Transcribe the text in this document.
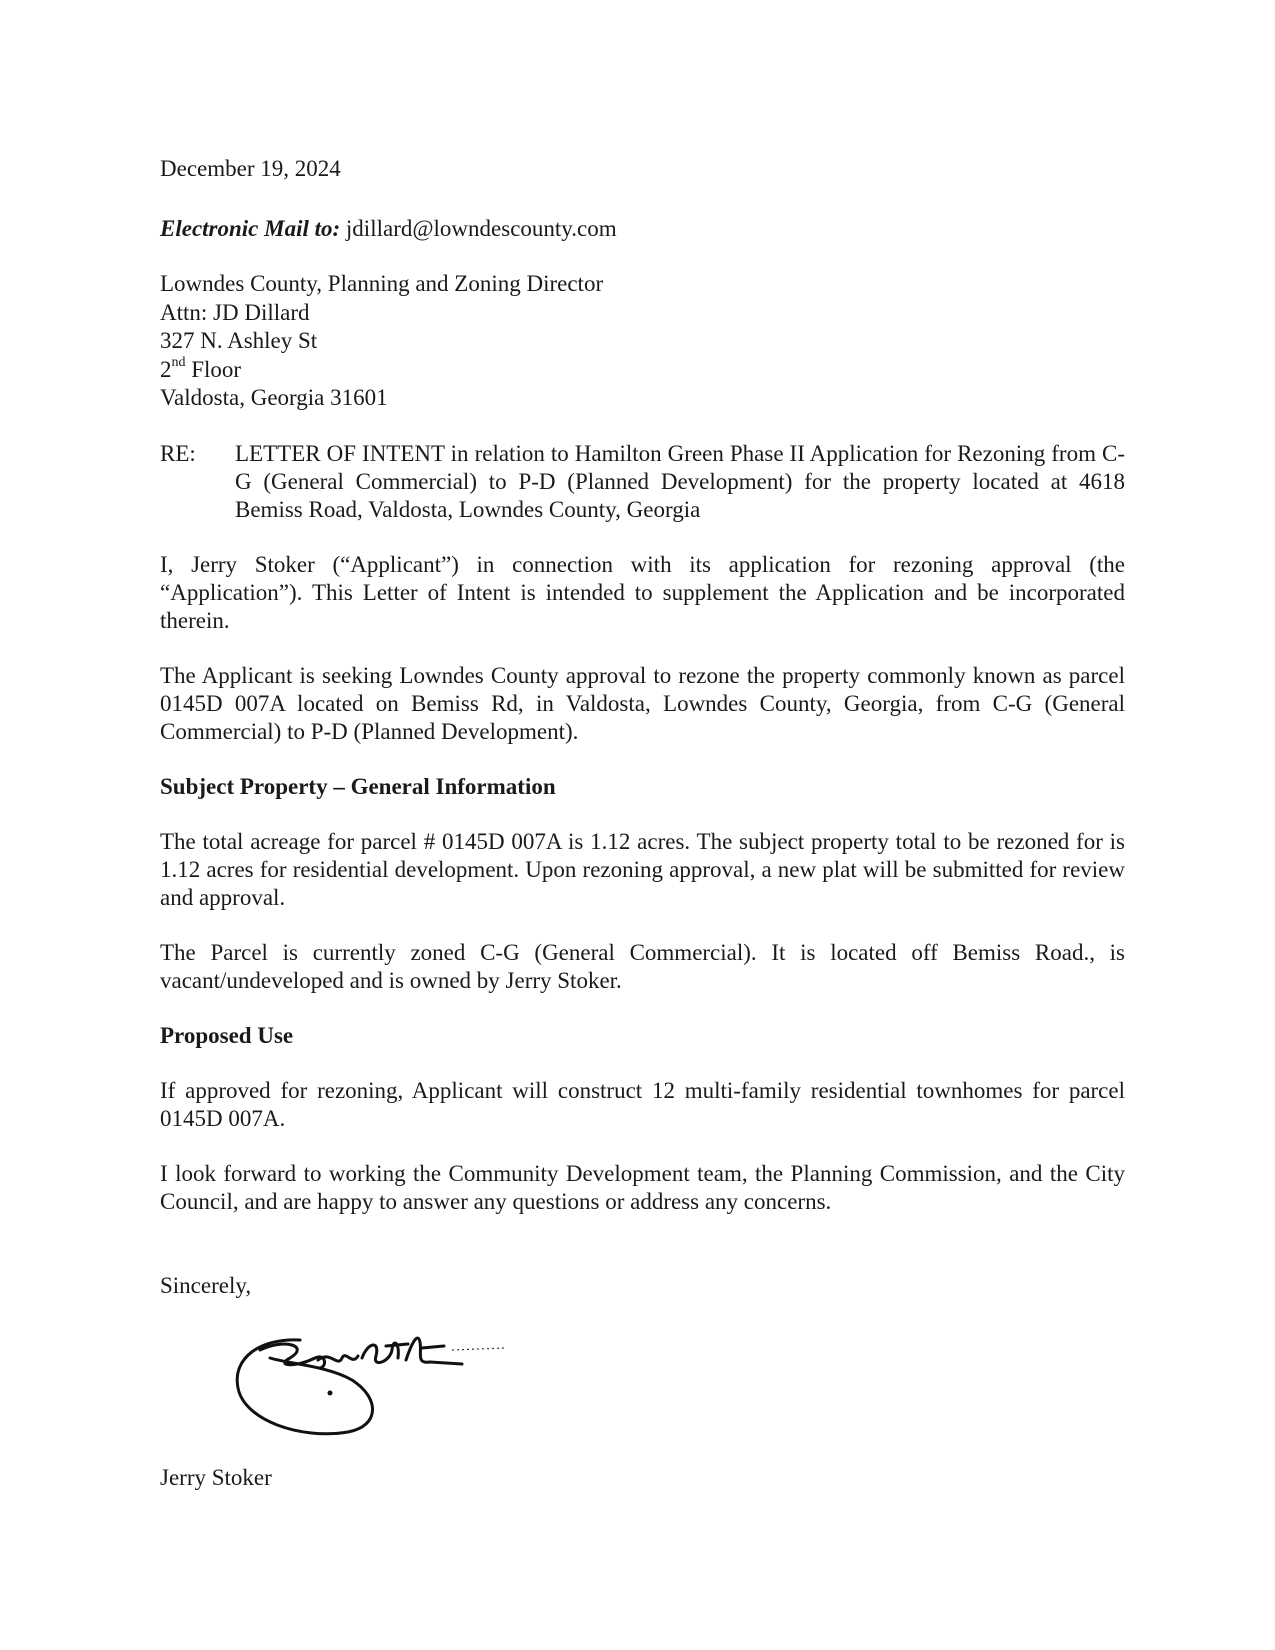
December 19, 2024

Electronic Mail to: jdillard@lowndescounty.com

Lowndes County, Planning and Zoning Director
Attn: JD Dillard
327 N. Ashley St
2nd Floor
Valdosta, Georgia 31601
RE:	LETTER OF INTENT in relation to Hamilton Green Phase II Application for Rezoning from C-G (General Commercial) to P-D (Planned Development) for the property located at 4618 Bemiss Road, Valdosta, Lowndes County, Georgia

I, Jerry Stoker (“Applicant”) in connection with its application for rezoning approval (the “Application”). This Letter of Intent is intended to supplement the Application and be incorporated therein.

The Applicant is seeking Lowndes County approval to rezone the property commonly known as parcel 0145D 007A located on Bemiss Rd, in Valdosta, Lowndes County, Georgia, from C-G (General Commercial) to P-D (Planned Development).

Subject Property – General Information

The total acreage for parcel # 0145D 007A is 1.12 acres. The subject property total to be rezoned for is 1.12 acres for residential development. Upon rezoning approval, a new plat will be submitted for review and approval.

The Parcel is currently zoned C-G (General Commercial). It is located off Bemiss Road., is vacant/undeveloped and is owned by Jerry Stoker.

Proposed Use

If approved for rezoning, Applicant will construct 12 multi-family residential townhomes for parcel 0145D 007A.

I look forward to working the Community Development team, the Planning Commission, and the City Council, and are happy to answer any questions or address any concerns.

Sincerely,

Jerry Stoker
